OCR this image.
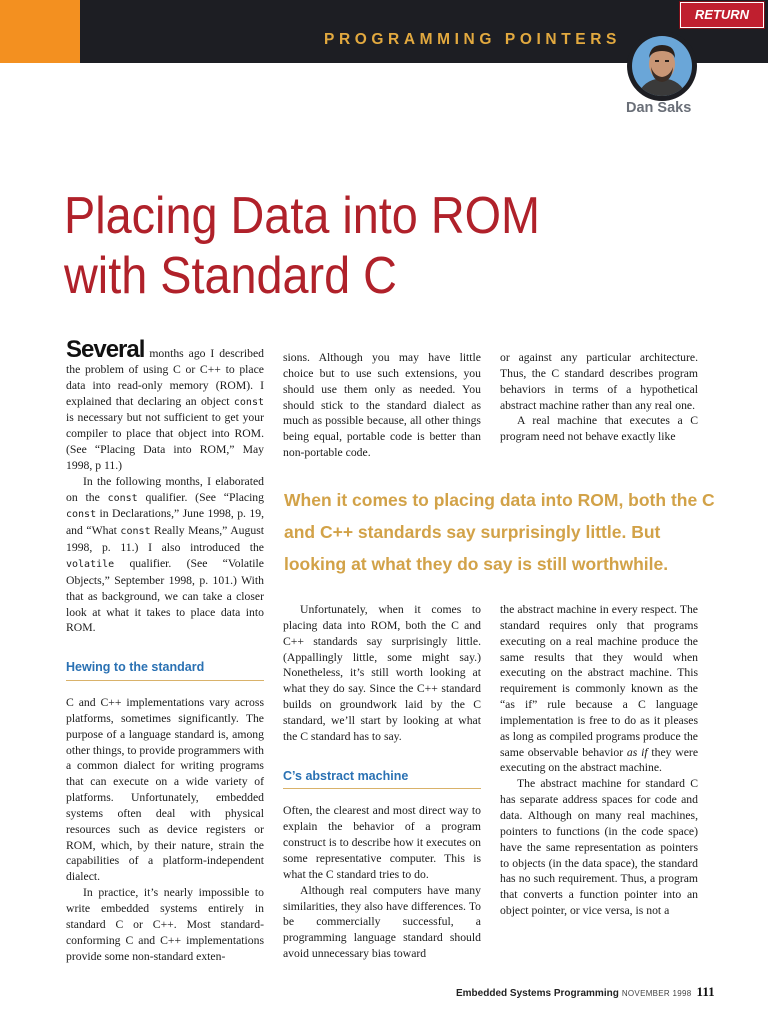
PROGRAMMING POINTERS
RETURN
Dan Saks
Placing Data into ROM
with Standard C

Several months ago I described the problem of using C or C++ to place data into read-only memory (ROM). I explained that declaring an object const is necessary but not sufficient to get your compiler to place that object into ROM. (See “Placing Data into ROM,” May 1998, p 11.)

In the following months, I elaborated on the const qualifier. (See “Placing const in Declarations,” June 1998, p. 19, and “What const Really Means,” August 1998, p. 11.) I also introduced the volatile qualifier. (See “Volatile Objects,” September 1998, p. 101.) With that as background, we can take a closer look at what it takes to place data into ROM.

Hewing to the standard

C and C++ implementations vary across platforms, sometimes significantly. The purpose of a language standard is, among other things, to provide programmers with a common dialect for writing programs that can execute on a wide variety of platforms. Unfortunately, embedded systems often deal with physical resources such as device registers or ROM, which, by their nature, strain the capabilities of a platform-independent dialect.

In practice, it’s nearly impossible to write embedded systems entirely in standard C or C++. Most standard-conforming C and C++ implementations provide some non-standard exten-

sions. Although you may have little choice but to use such extensions, you should use them only as needed. You should stick to the standard dialect as much as possible because, all other things being equal, portable code is better than non-portable code.

or against any particular architecture. Thus, the C standard describes program behaviors in terms of a hypothetical abstract machine rather than any real one.

A real machine that executes a C program need not behave exactly like

When it comes to placing data into ROM, both the C and C++ standards say surprisingly little. But looking at what they do say is still worthwhile.

Unfortunately, when it comes to placing data into ROM, both the C and C++ standards say surprisingly little. (Appallingly little, some might say.) Nonetheless, it’s still worth looking at what they do say. Since the C++ standard builds on groundwork laid by the C standard, we’ll start by looking at what the C standard has to say.

C’s abstract machine

Often, the clearest and most direct way to explain the behavior of a program construct is to describe how it executes on some representative computer. This is what the C standard tries to do.

Although real computers have many similarities, they also have differences. To be commercially successful, a programming language standard should avoid unnecessary bias toward

the abstract machine in every respect. The standard requires only that programs executing on a real machine produce the same results that they would when executing on the abstract machine. This requirement is commonly known as the “as if” rule because a C language implementation is free to do as it pleases as long as compiled programs produce the same observable behavior as if they were executing on the abstract machine.

The abstract machine for standard C has separate address spaces for code and data. Although on many real machines, pointers to functions (in the code space) have the same representation as pointers to objects (in the data space), the standard has no such requirement. Thus, a program that converts a function pointer into an object pointer, or vice versa, is not a

Embedded Systems Programming NOVEMBER 1998 111
